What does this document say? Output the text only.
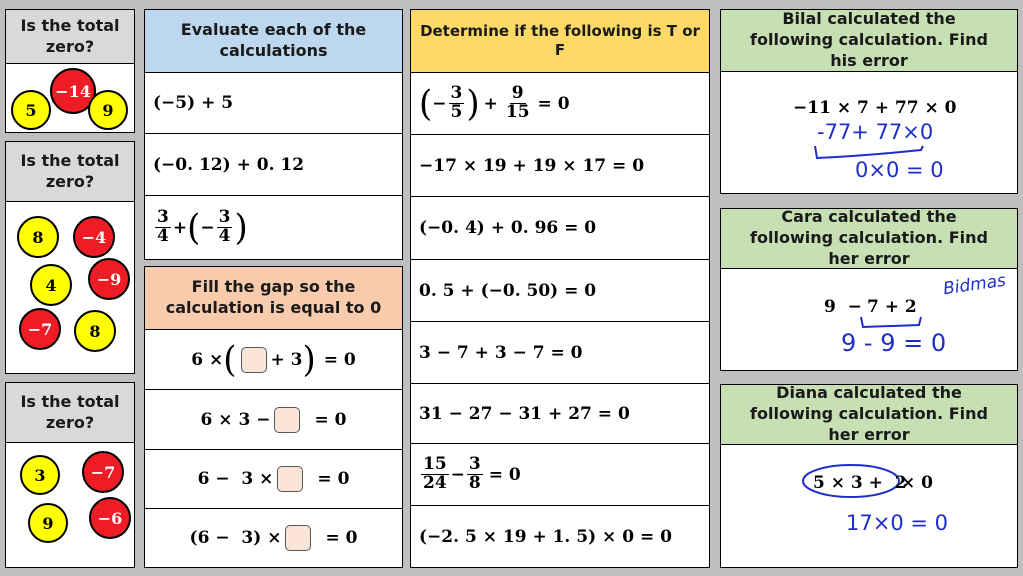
Is the total zero?
5
−14
9
Is the total zero?
8	−4
4	−9
−7	8
Is the total zero?
3	−7
9	−6
Evaluate each of the calculations
(−5) + 5
(−0. 12) + 0. 12
$\frac{3}{4}$ + ( − $\frac{3}{4}$ )
Fill the gap so the calculation is equal to 0
6 × ( + 3 ) = 0
6 × 3 −	= 0
6 −  3 ×	= 0
(6 −  3) ×	= 0
Determine if the following is T or F
( − $\frac{3}{5}$ ) + $\frac{9}{15} = 0$
−17 × 19 + 19 × 17 = 0
(−0. 4) + 0. 96 = 0
0. 5 + (−0. 50) = 0
3 − 7 + 3 − 7 = 0
31 − 27 − 31 + 27 = 0
$\frac{15}{24} - \frac{3}{8} = 0$
(−2. 5 × 19 + 1. 5) × 0 = 0
Bilal calculated the following calculation. Find his error
−11 × 7 + 77 × 0
-77+ 77×0
0×0 = 0
Cara calculated the following calculation. Find her error
9  − 7 + 2
9 - 9 = 0
Bidmas
Diana calculated the following calculation. Find her error
5 × 3 +  2
× 0
17×0 = 0
